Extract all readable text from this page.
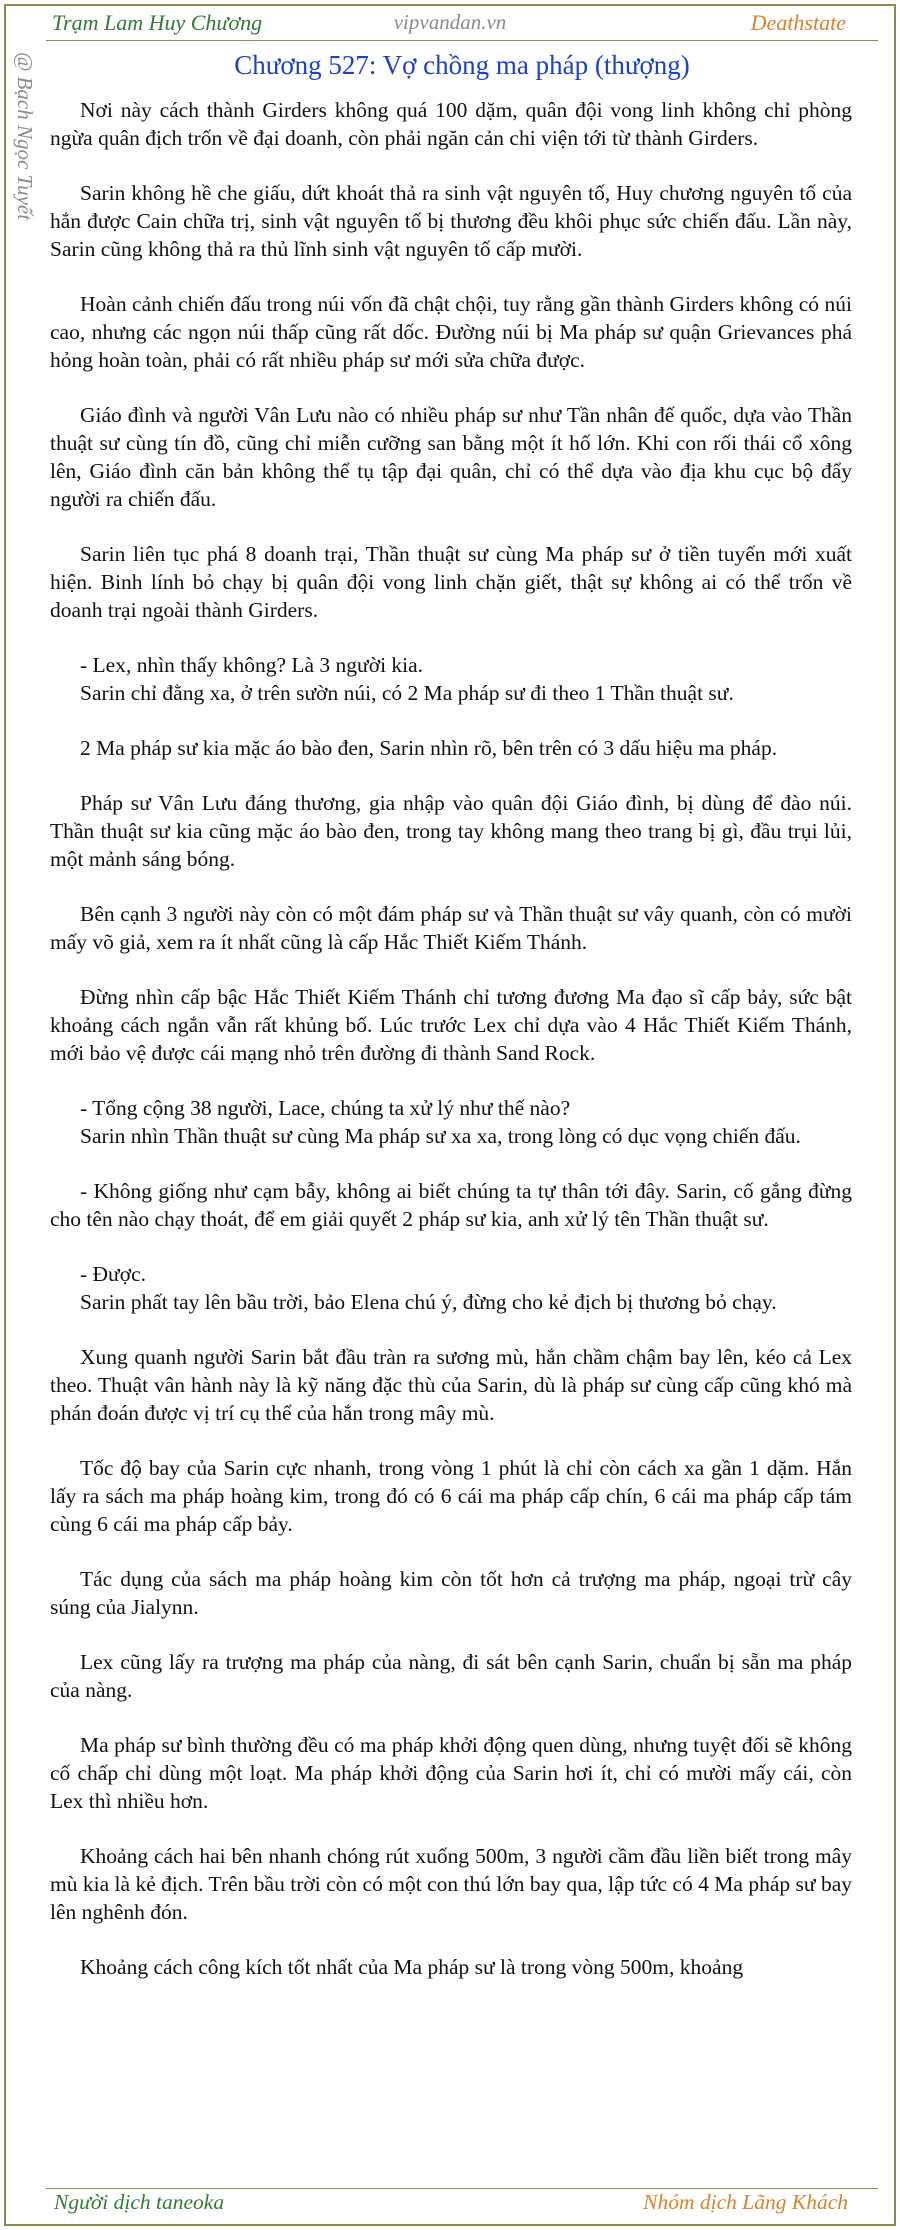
Trạm Lam Huy Chương	vipvandan.vn	Deathstate
@ Bạch Ngọc Tuyết	Chương 527: Vợ chồng ma pháp (thượng)

Nơi này cách thành Girders không quá 100 dặm, quân đội vong linh không chỉ phòng ngừa quân địch trốn về đại doanh, còn phải ngăn cản chi viện tới từ thành Girders.

Sarin không hề che giấu, dứt khoát thả ra sinh vật nguyên tố, Huy chương nguyên tố của hắn được Cain chữa trị, sinh vật nguyên tố bị thương đều khôi phục sức chiến đấu. Lần này, Sarin cũng không thả ra thủ lĩnh sinh vật nguyên tố cấp mười.

Hoàn cảnh chiến đấu trong núi vốn đã chật chội, tuy rằng gần thành Girders không có núi cao, nhưng các ngọn núi thấp cũng rất dốc. Đường núi bị Ma pháp sư quận Grievances phá hỏng hoàn toàn, phải có rất nhiều pháp sư mới sửa chữa được.

Giáo đình và người Vân Lưu nào có nhiều pháp sư như Tần nhân đế quốc, dựa vào Thần thuật sư cùng tín đồ, cũng chỉ miễn cưỡng san bằng một ít hố lớn. Khi con rối thái cổ xông lên, Giáo đình căn bản không thể tụ tập đại quân, chỉ có thể dựa vào địa khu cục bộ đẩy người ra chiến đấu.

Sarin liên tục phá 8 doanh trại, Thần thuật sư cùng Ma pháp sư ở tiền tuyến mới xuất hiện. Binh lính bỏ chạy bị quân đội vong linh chặn giết, thật sự không ai có thể trốn về doanh trại ngoài thành Girders.

- Lex, nhìn thấy không? Là 3 người kia.

Sarin chỉ đằng xa, ở trên sườn núi, có 2 Ma pháp sư đi theo 1 Thần thuật sư.

2 Ma pháp sư kia mặc áo bào đen, Sarin nhìn rõ, bên trên có 3 dấu hiệu ma pháp.

Pháp sư Vân Lưu đáng thương, gia nhập vào quân đội Giáo đình, bị dùng để đào núi. Thần thuật sư kia cũng mặc áo bào đen, trong tay không mang theo trang bị gì, đầu trụi lủi, một mảnh sáng bóng.

Bên cạnh 3 người này còn có một đám pháp sư và Thần thuật sư vây quanh, còn có mười mấy võ giả, xem ra ít nhất cũng là cấp Hắc Thiết Kiếm Thánh.

Đừng nhìn cấp bậc Hắc Thiết Kiếm Thánh chỉ tương đương Ma đạo sĩ cấp bảy, sức bật khoảng cách ngắn vẫn rất khủng bố. Lúc trước Lex chỉ dựa vào 4 Hắc Thiết Kiếm Thánh, mới bảo vệ được cái mạng nhỏ trên đường đi thành Sand Rock.

- Tổng cộng 38 người, Lace, chúng ta xử lý như thế nào?

Sarin nhìn Thần thuật sư cùng Ma pháp sư xa xa, trong lòng có dục vọng chiến đấu.

- Không giống như cạm bẫy, không ai biết chúng ta tự thân tới đây. Sarin, cố gắng đừng cho tên nào chạy thoát, để em giải quyết 2 pháp sư kia, anh xử lý tên Thần thuật sư.

- Được.

Sarin phất tay lên bầu trời, bảo Elena chú ý, đừng cho kẻ địch bị thương bỏ chạy.

Xung quanh người Sarin bắt đầu tràn ra sương mù, hắn chầm chậm bay lên, kéo cả Lex theo. Thuật vân hành này là kỹ năng đặc thù của Sarin, dù là pháp sư cùng cấp cũng khó mà phán đoán được vị trí cụ thể của hắn trong mây mù.

Tốc độ bay của Sarin cực nhanh, trong vòng 1 phút là chỉ còn cách xa gần 1 dặm. Hắn lấy ra sách ma pháp hoàng kim, trong đó có 6 cái ma pháp cấp chín, 6 cái ma pháp cấp tám cùng 6 cái ma pháp cấp bảy.

Tác dụng của sách ma pháp hoàng kim còn tốt hơn cả trượng ma pháp, ngoại trừ cây súng của Jialynn.

Lex cũng lấy ra trượng ma pháp của nàng, đi sát bên cạnh Sarin, chuẩn bị sẵn ma pháp của nàng.

Ma pháp sư bình thường đều có ma pháp khởi động quen dùng, nhưng tuyệt đối sẽ không cố chấp chỉ dùng một loạt. Ma pháp khởi động của Sarin hơi ít, chỉ có mười mấy cái, còn Lex thì nhiều hơn.

Khoảng cách hai bên nhanh chóng rút xuống 500m, 3 người cầm đầu liền biết trong mây mù kia là kẻ địch. Trên bầu trời còn có một con thú lớn bay qua, lập tức có 4 Ma pháp sư bay lên nghênh đón.

Khoảng cách công kích tốt nhất của Ma pháp sư là trong vòng 500m, khoảng

Người dịch taneoka	Nhóm dịch Lãng Khách
